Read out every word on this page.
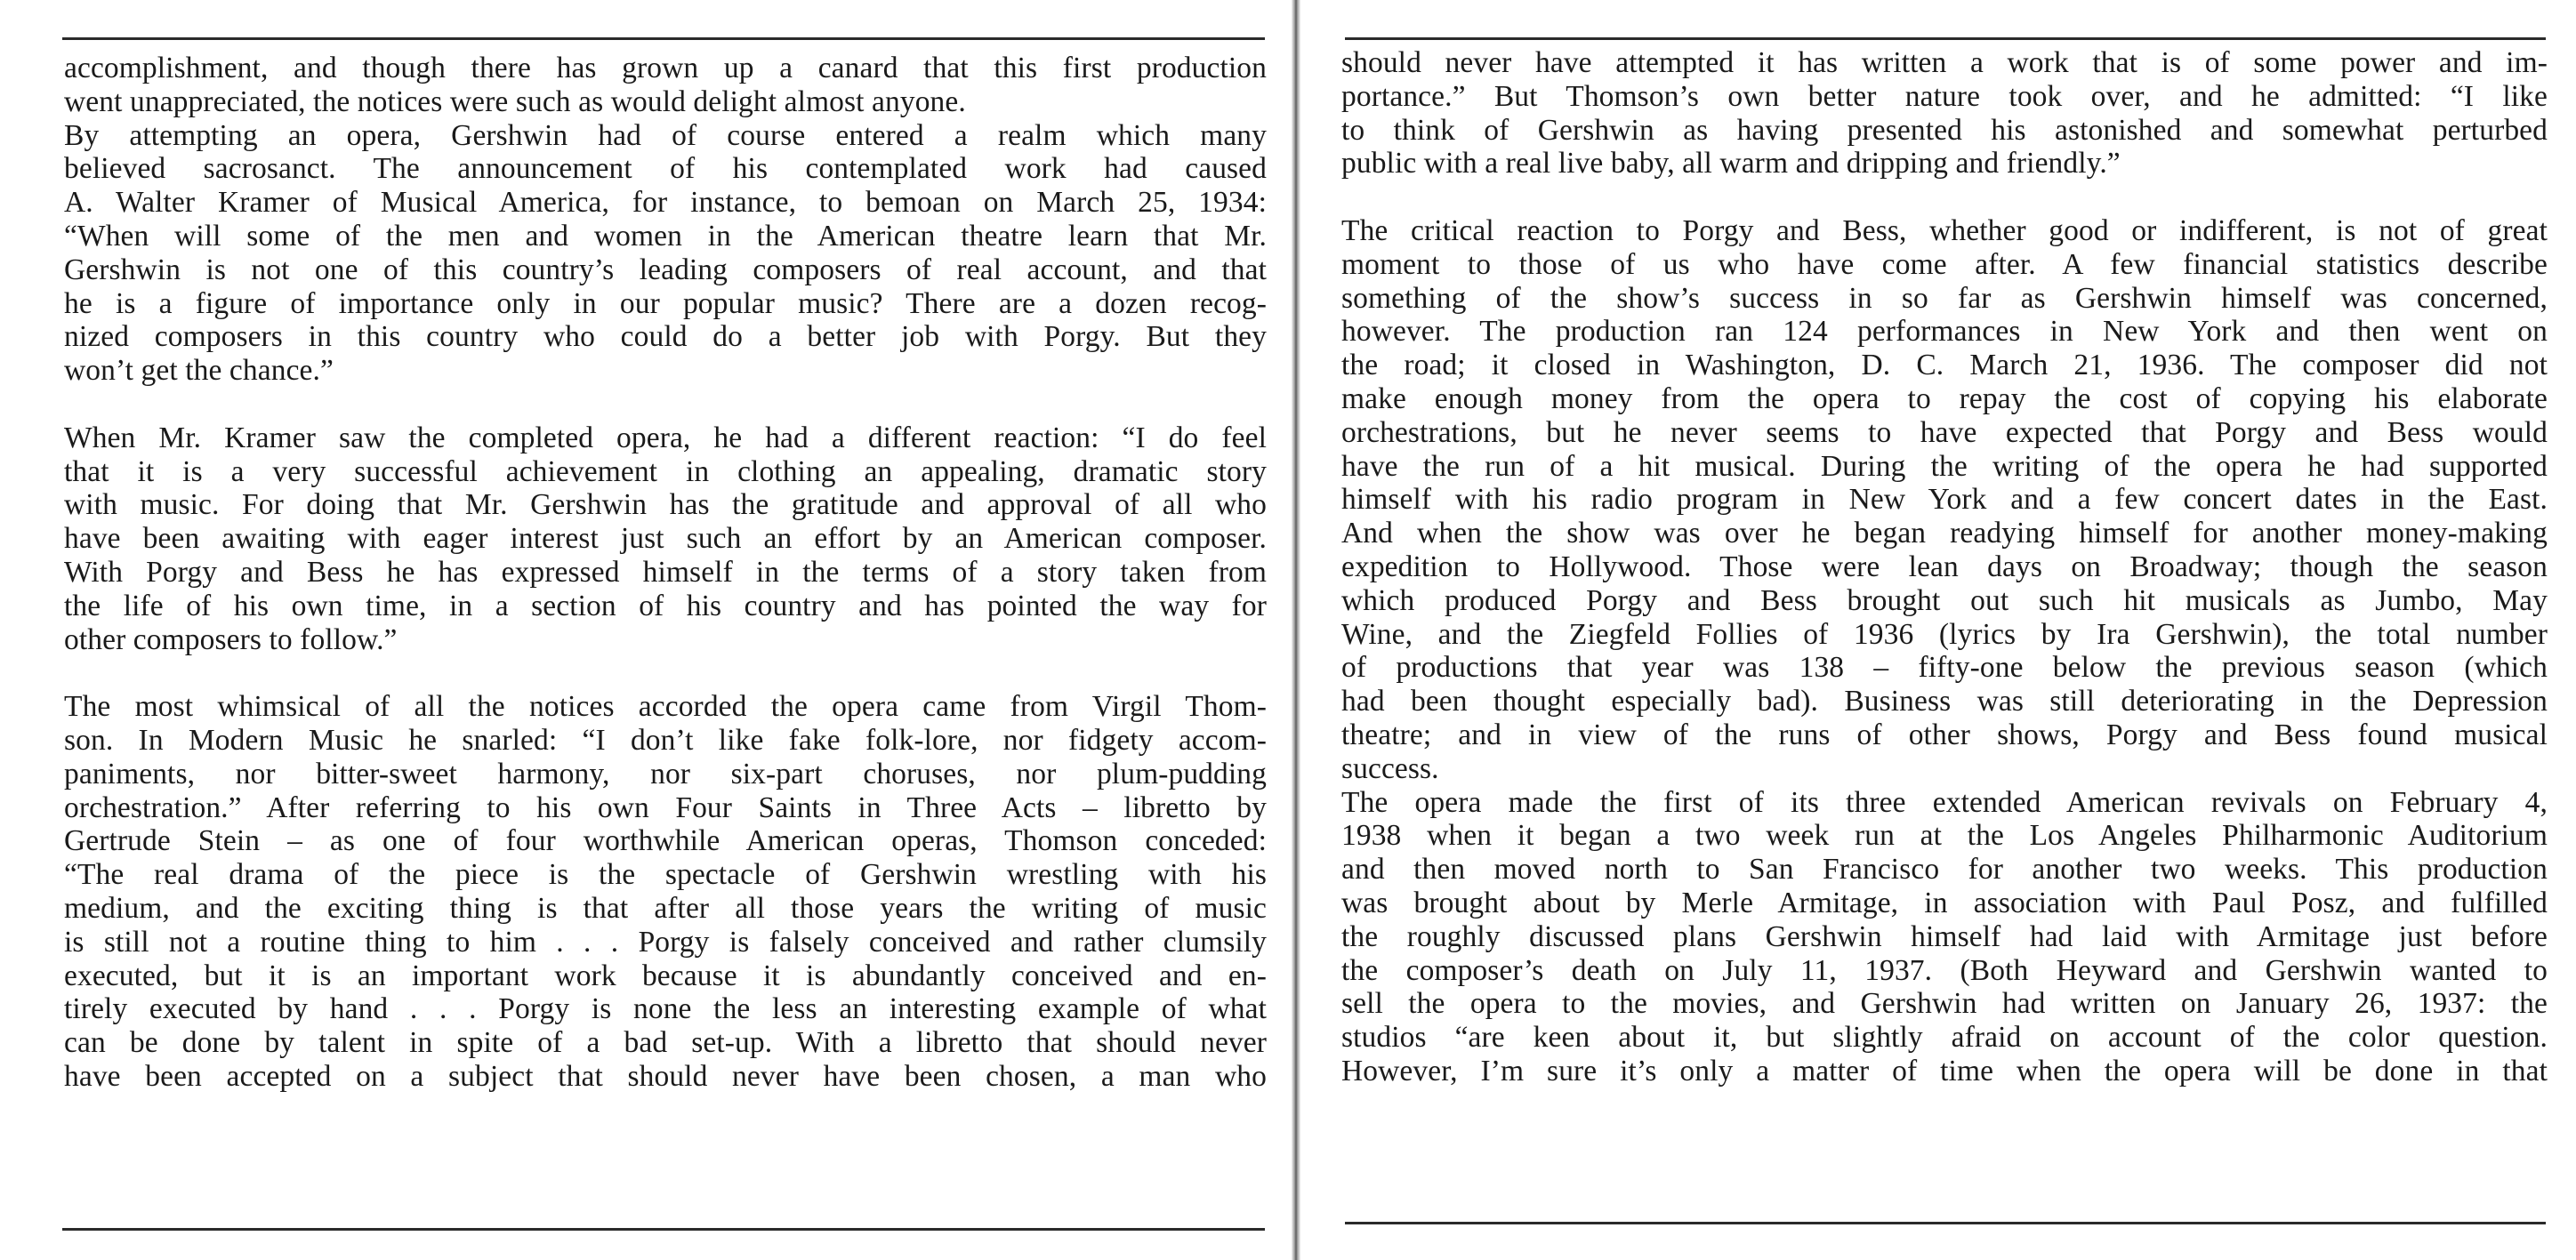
accomplishment, and though there has grown up a canard that this first production
went unappreciated, the notices were such as would delight almost anyone.
By attempting an opera, Gershwin had of course entered a realm which many
believed sacrosanct. The announcement of his contemplated work had caused
A. Walter Kramer of Musical America, for instance, to bemoan on March 25, 1934:
“When will some of the men and women in the American theatre learn that Mr.
Gershwin is not one of this country’s leading composers of real account, and that
he is a figure of importance only in our popular music? There are a dozen recog-
nized composers in this country who could do a better job with Porgy. But they
won’t get the chance.”
When Mr. Kramer saw the completed opera, he had a different reaction: “I do feel
that it is a very successful achievement in clothing an appealing, dramatic story
with music. For doing that Mr. Gershwin has the gratitude and approval of all who
have been awaiting with eager interest just such an effort by an American composer.
With Porgy and Bess he has expressed himself in the terms of a story taken from
the life of his own time, in a section of his country and has pointed the way for
other composers to follow.”
The most whimsical of all the notices accorded the opera came from Virgil Thom-
son. In Modern Music he snarled: “I don’t like fake folk-lore, nor fidgety accom-
paniments, nor bitter-sweet harmony, nor six-part choruses, nor plum-pudding
orchestration.” After referring to his own Four Saints in Three Acts – libretto by
Gertrude Stein – as one of four worthwhile American operas, Thomson conceded:
“The real drama of the piece is the spectacle of Gershwin wrestling with his
medium, and the exciting thing is that after all those years the writing of music
is still not a routine thing to him . . . Porgy is falsely conceived and rather clumsily
executed, but it is an important work because it is abundantly conceived and en-
tirely executed by hand . . . Porgy is none the less an interesting example of what
can be done by talent in spite of a bad set-up. With a libretto that should never
have been accepted on a subject that should never have been chosen, a man who
should never have attempted it has written a work that is of some power and im-
portance.” But Thomson’s own better nature took over, and he admitted: “I like
to think of Gershwin as having presented his astonished and somewhat perturbed
public with a real live baby, all warm and dripping and friendly.”
The critical reaction to Porgy and Bess, whether good or indifferent, is not of great
moment to those of us who have come after. A few financial statistics describe
something of the show’s success in so far as Gershwin himself was concerned,
however. The production ran 124 performances in New York and then went on
the road; it closed in Washington, D. C. March 21, 1936. The composer did not
make enough money from the opera to repay the cost of copying his elaborate
orchestrations, but he never seems to have expected that Porgy and Bess would
have the run of a hit musical. During the writing of the opera he had supported
himself with his radio program in New York and a few concert dates in the East.
And when the show was over he began readying himself for another money-making
expedition to Hollywood. Those were lean days on Broadway; though the season
which produced Porgy and Bess brought out such hit musicals as Jumbo, May
Wine, and the Ziegfeld Follies of 1936 (lyrics by Ira Gershwin), the total number
of productions that year was 138 – fifty-one below the previous season (which
had been thought especially bad). Business was still deteriorating in the Depression
theatre; and in view of the runs of other shows, Porgy and Bess found musical
success.
The opera made the first of its three extended American revivals on February 4,
1938 when it began a two week run at the Los Angeles Philharmonic Auditorium
and then moved north to San Francisco for another two weeks. This production
was brought about by Merle Armitage, in association with Paul Posz, and fulfilled
the roughly discussed plans Gershwin himself had laid with Armitage just before
the composer’s death on July 11, 1937. (Both Heyward and Gershwin wanted to
sell the opera to the movies, and Gershwin had written on January 26, 1937: the
studios “are keen about it, but slightly afraid on account of the color question.
However, I’m sure it’s only a matter of time when the opera will be done in that
